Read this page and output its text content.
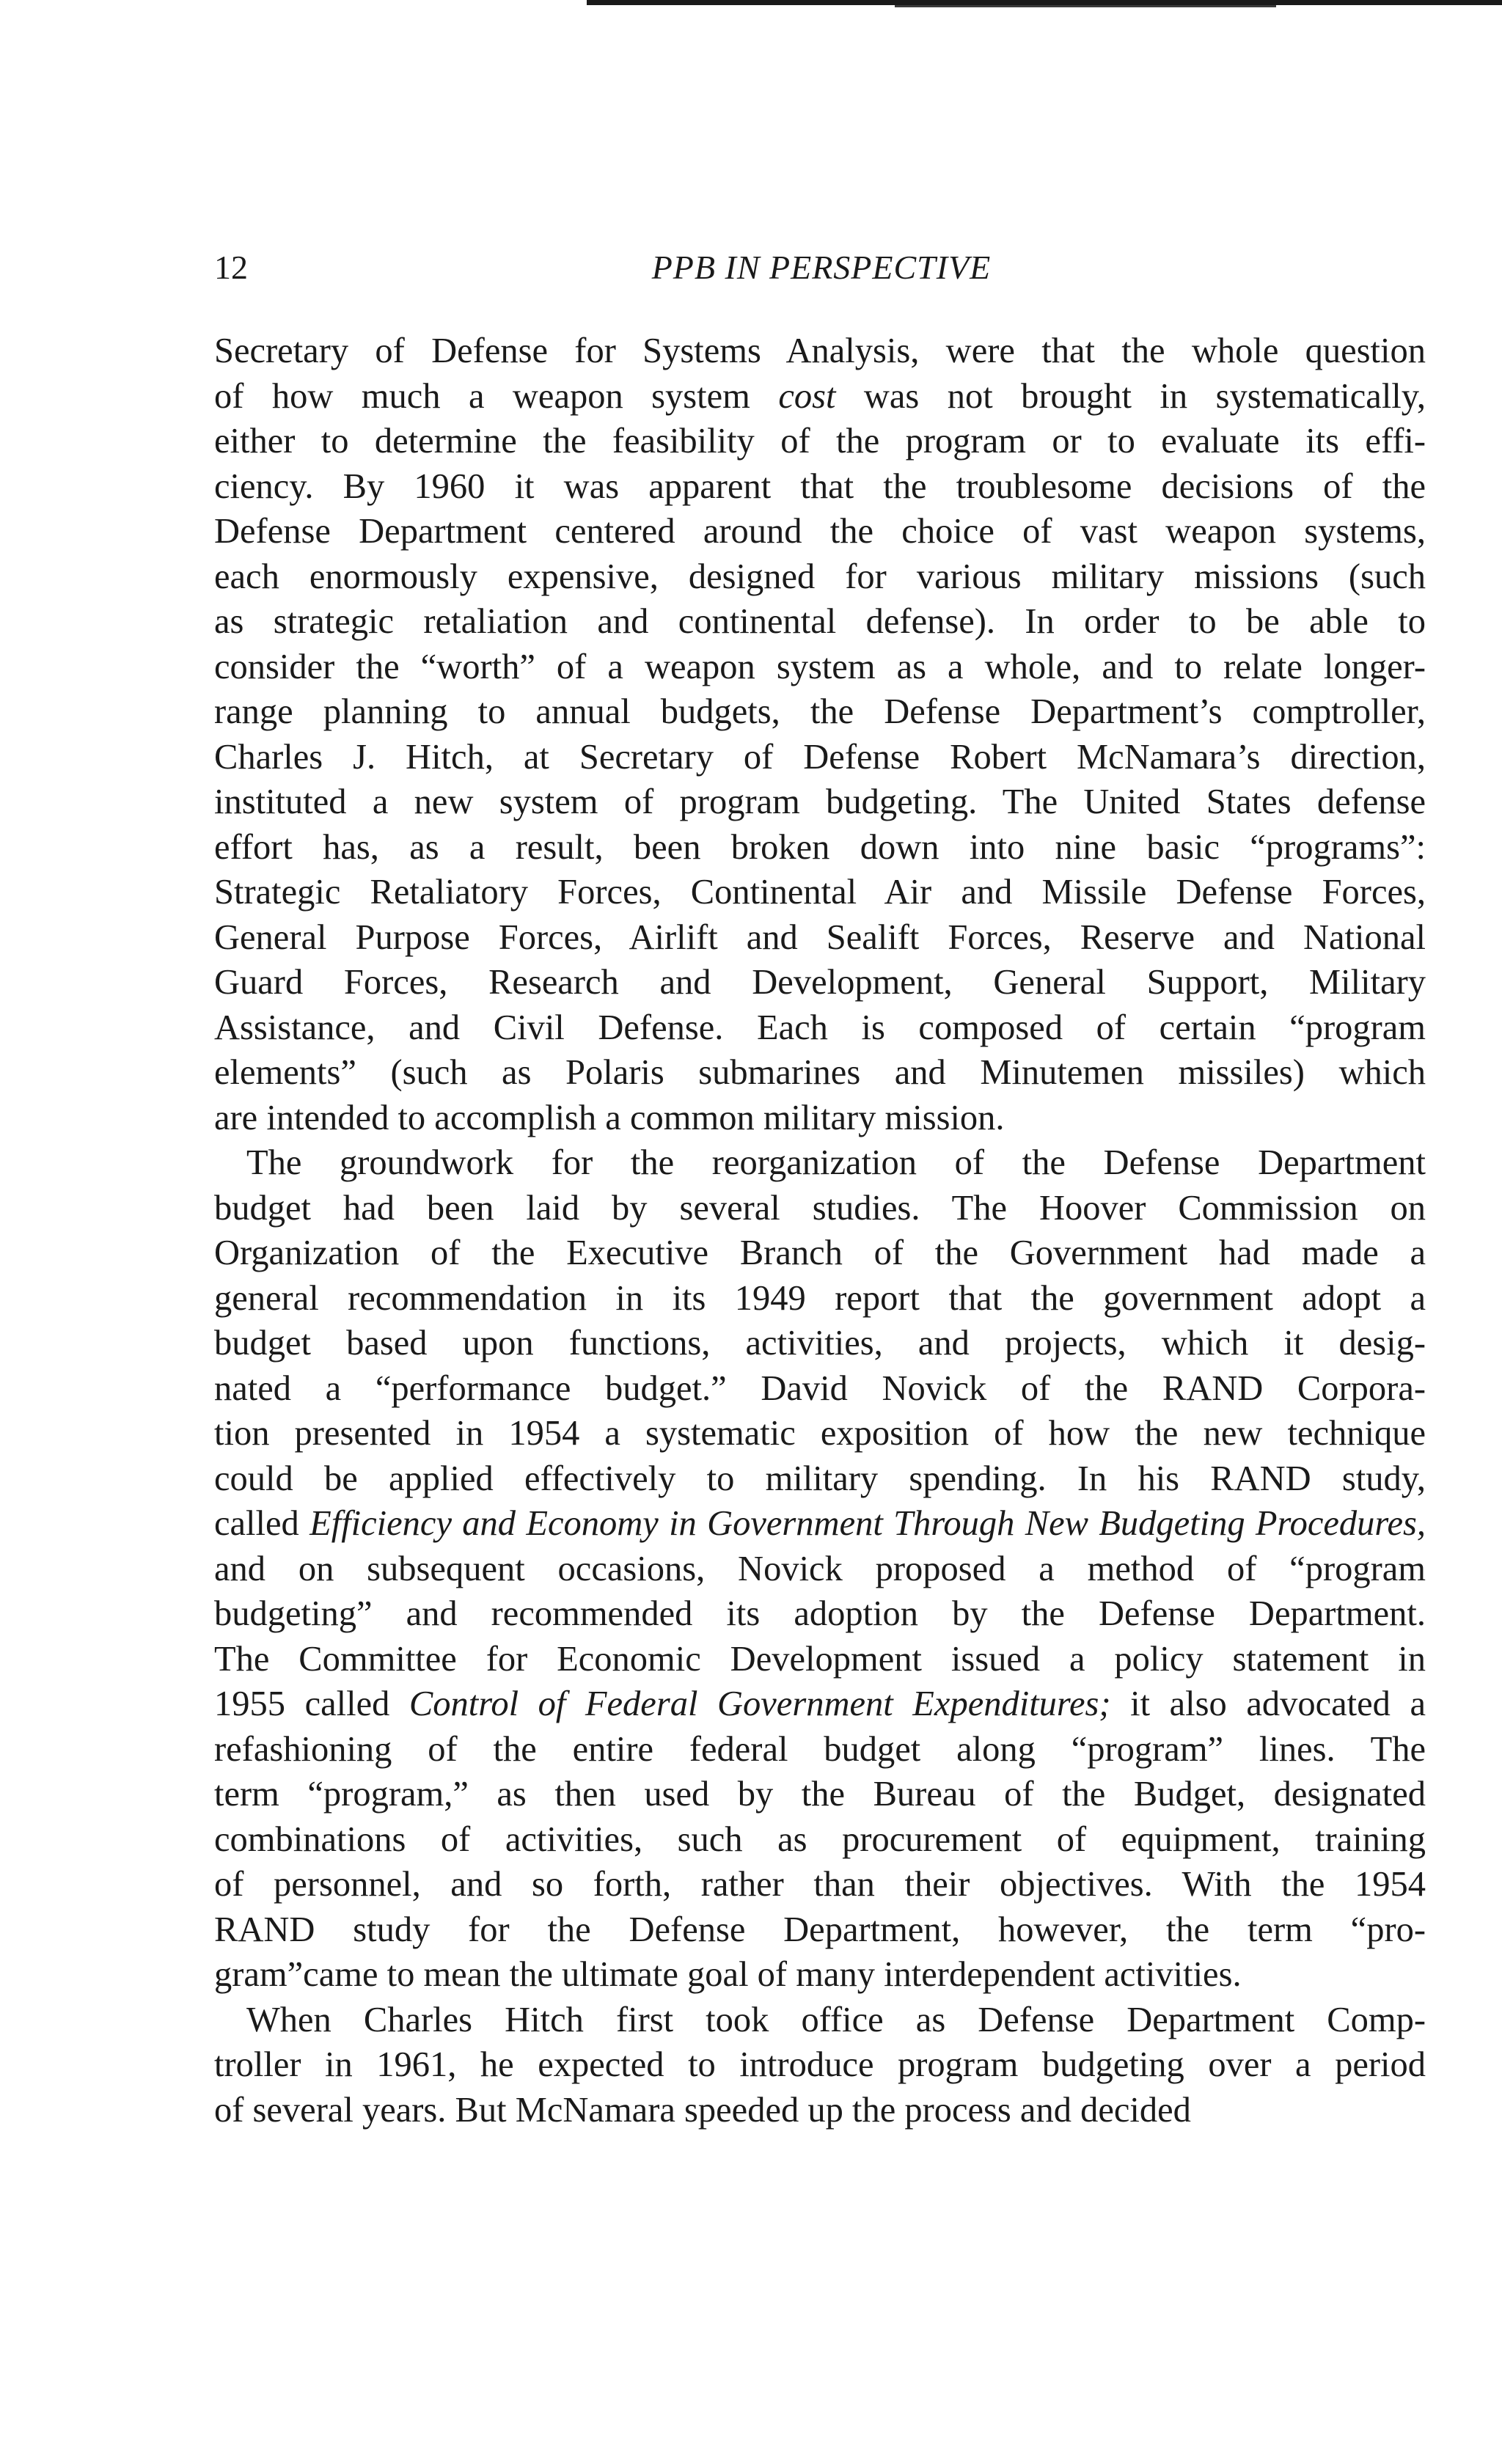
12	PPB IN PERSPECTIVE
Secretary of Defense for Systems Analysis, were that the whole question
of how much a weapon system cost was not brought in systematically,
either to determine the feasibility of the program or to evaluate its effi-
ciency. By 1960 it was apparent that the troublesome decisions of the
Defense Department centered around the choice of vast weapon systems,
each enormously expensive, designed for various military missions (such
as strategic retaliation and continental defense). In order to be able to
consider the “worth” of a weapon system as a whole, and to relate longer-
range planning to annual budgets, the Defense Department’s comptroller,
Charles J. Hitch, at Secretary of Defense Robert McNamara’s direction,
instituted a new system of program budgeting. The United States defense
effort has, as a result, been broken down into nine basic “programs”:
Strategic Retaliatory Forces, Continental Air and Missile Defense Forces,
General Purpose Forces, Airlift and Sealift Forces, Reserve and National
Guard Forces, Research and Development, General Support, Military
Assistance, and Civil Defense. Each is composed of certain “program
elements” (such as Polaris submarines and Minutemen missiles) which
are intended to accomplish a common military mission.
The groundwork for the reorganization of the Defense Department
budget had been laid by several studies. The Hoover Commission on
Organization of the Executive Branch of the Government had made a
general recommendation in its 1949 report that the government adopt a
budget based upon functions, activities, and projects, which it desig-
nated a “performance budget.” David Novick of the RAND Corpora-
tion presented in 1954 a systematic exposition of how the new technique
could be applied effectively to military spending. In his RAND study,
called Efficiency and Economy in Government Through New Budgeting Procedures,
and on subsequent occasions, Novick proposed a method of “program
budgeting” and recommended its adoption by the Defense Department.
The Committee for Economic Development issued a policy statement in
1955 called Control of Federal Government Expenditures; it also advocated a
refashioning of the entire federal budget along “program” lines. The
term “program,” as then used by the Bureau of the Budget, designated
combinations of activities, such as procurement of equipment, training
of personnel, and so forth, rather than their objectives. With the 1954
RAND study for the Defense Department, however, the term “pro-
gram”came to mean the ultimate goal of many interdependent activities.
When Charles Hitch first took office as Defense Department Comp-
troller in 1961, he expected to introduce program budgeting over a period
of several years. But McNamara speeded up the process and decided
